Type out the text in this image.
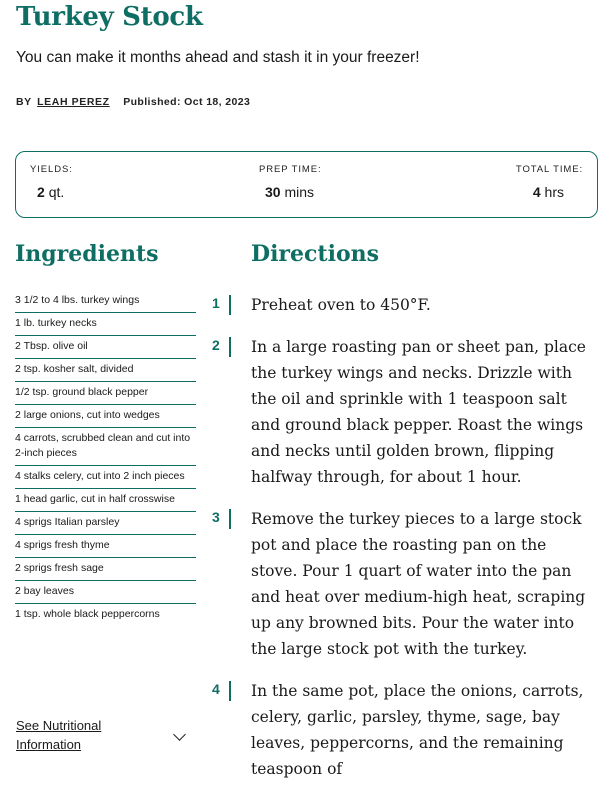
Turkey Stock

You can make it months ahead and stash it in your freezer!

BY LEAH PEREZ Published: Oct 18, 2023
YIELDS:
2 qt.
PREP TIME:
30 mins
TOTAL TIME:
4 hrs
Ingredients	Directions
3 1/2 to 4 lbs. turkey wings
1 lb. turkey necks
2 Tbsp. olive oil
2 tsp. kosher salt, divided
1/2 tsp. ground black pepper
2 large onions, cut into wedges
4 carrots, scrubbed clean and cut into 2-inch pieces
4 stalks celery, cut into 2 inch pieces
1 head garlic, cut in half crosswise
4 sprigs Italian parsley
4 sprigs fresh thyme
2 sprigs fresh sage
2 bay leaves
1 tsp. whole black peppercorns
See Nutritional Information
1 Preheat oven to 450°F.

2 In a large roasting pan or sheet pan, place the turkey wings and necks. Drizzle with the oil and sprinkle with 1 teaspoon salt and ground black pepper. Roast the wings and necks until golden brown, flipping halfway through, for about 1 hour.

3 Remove the turkey pieces to a large stock pot and place the roasting pan on the stove. Pour 1 quart of water into the pan and heat over medium-high heat, scraping up any browned bits. Pour the water into the large stock pot with the turkey.

4 In the same pot, place the onions, carrots, celery, garlic, parsley, thyme, sage, bay leaves, peppercorns, and the remaining teaspoon of
